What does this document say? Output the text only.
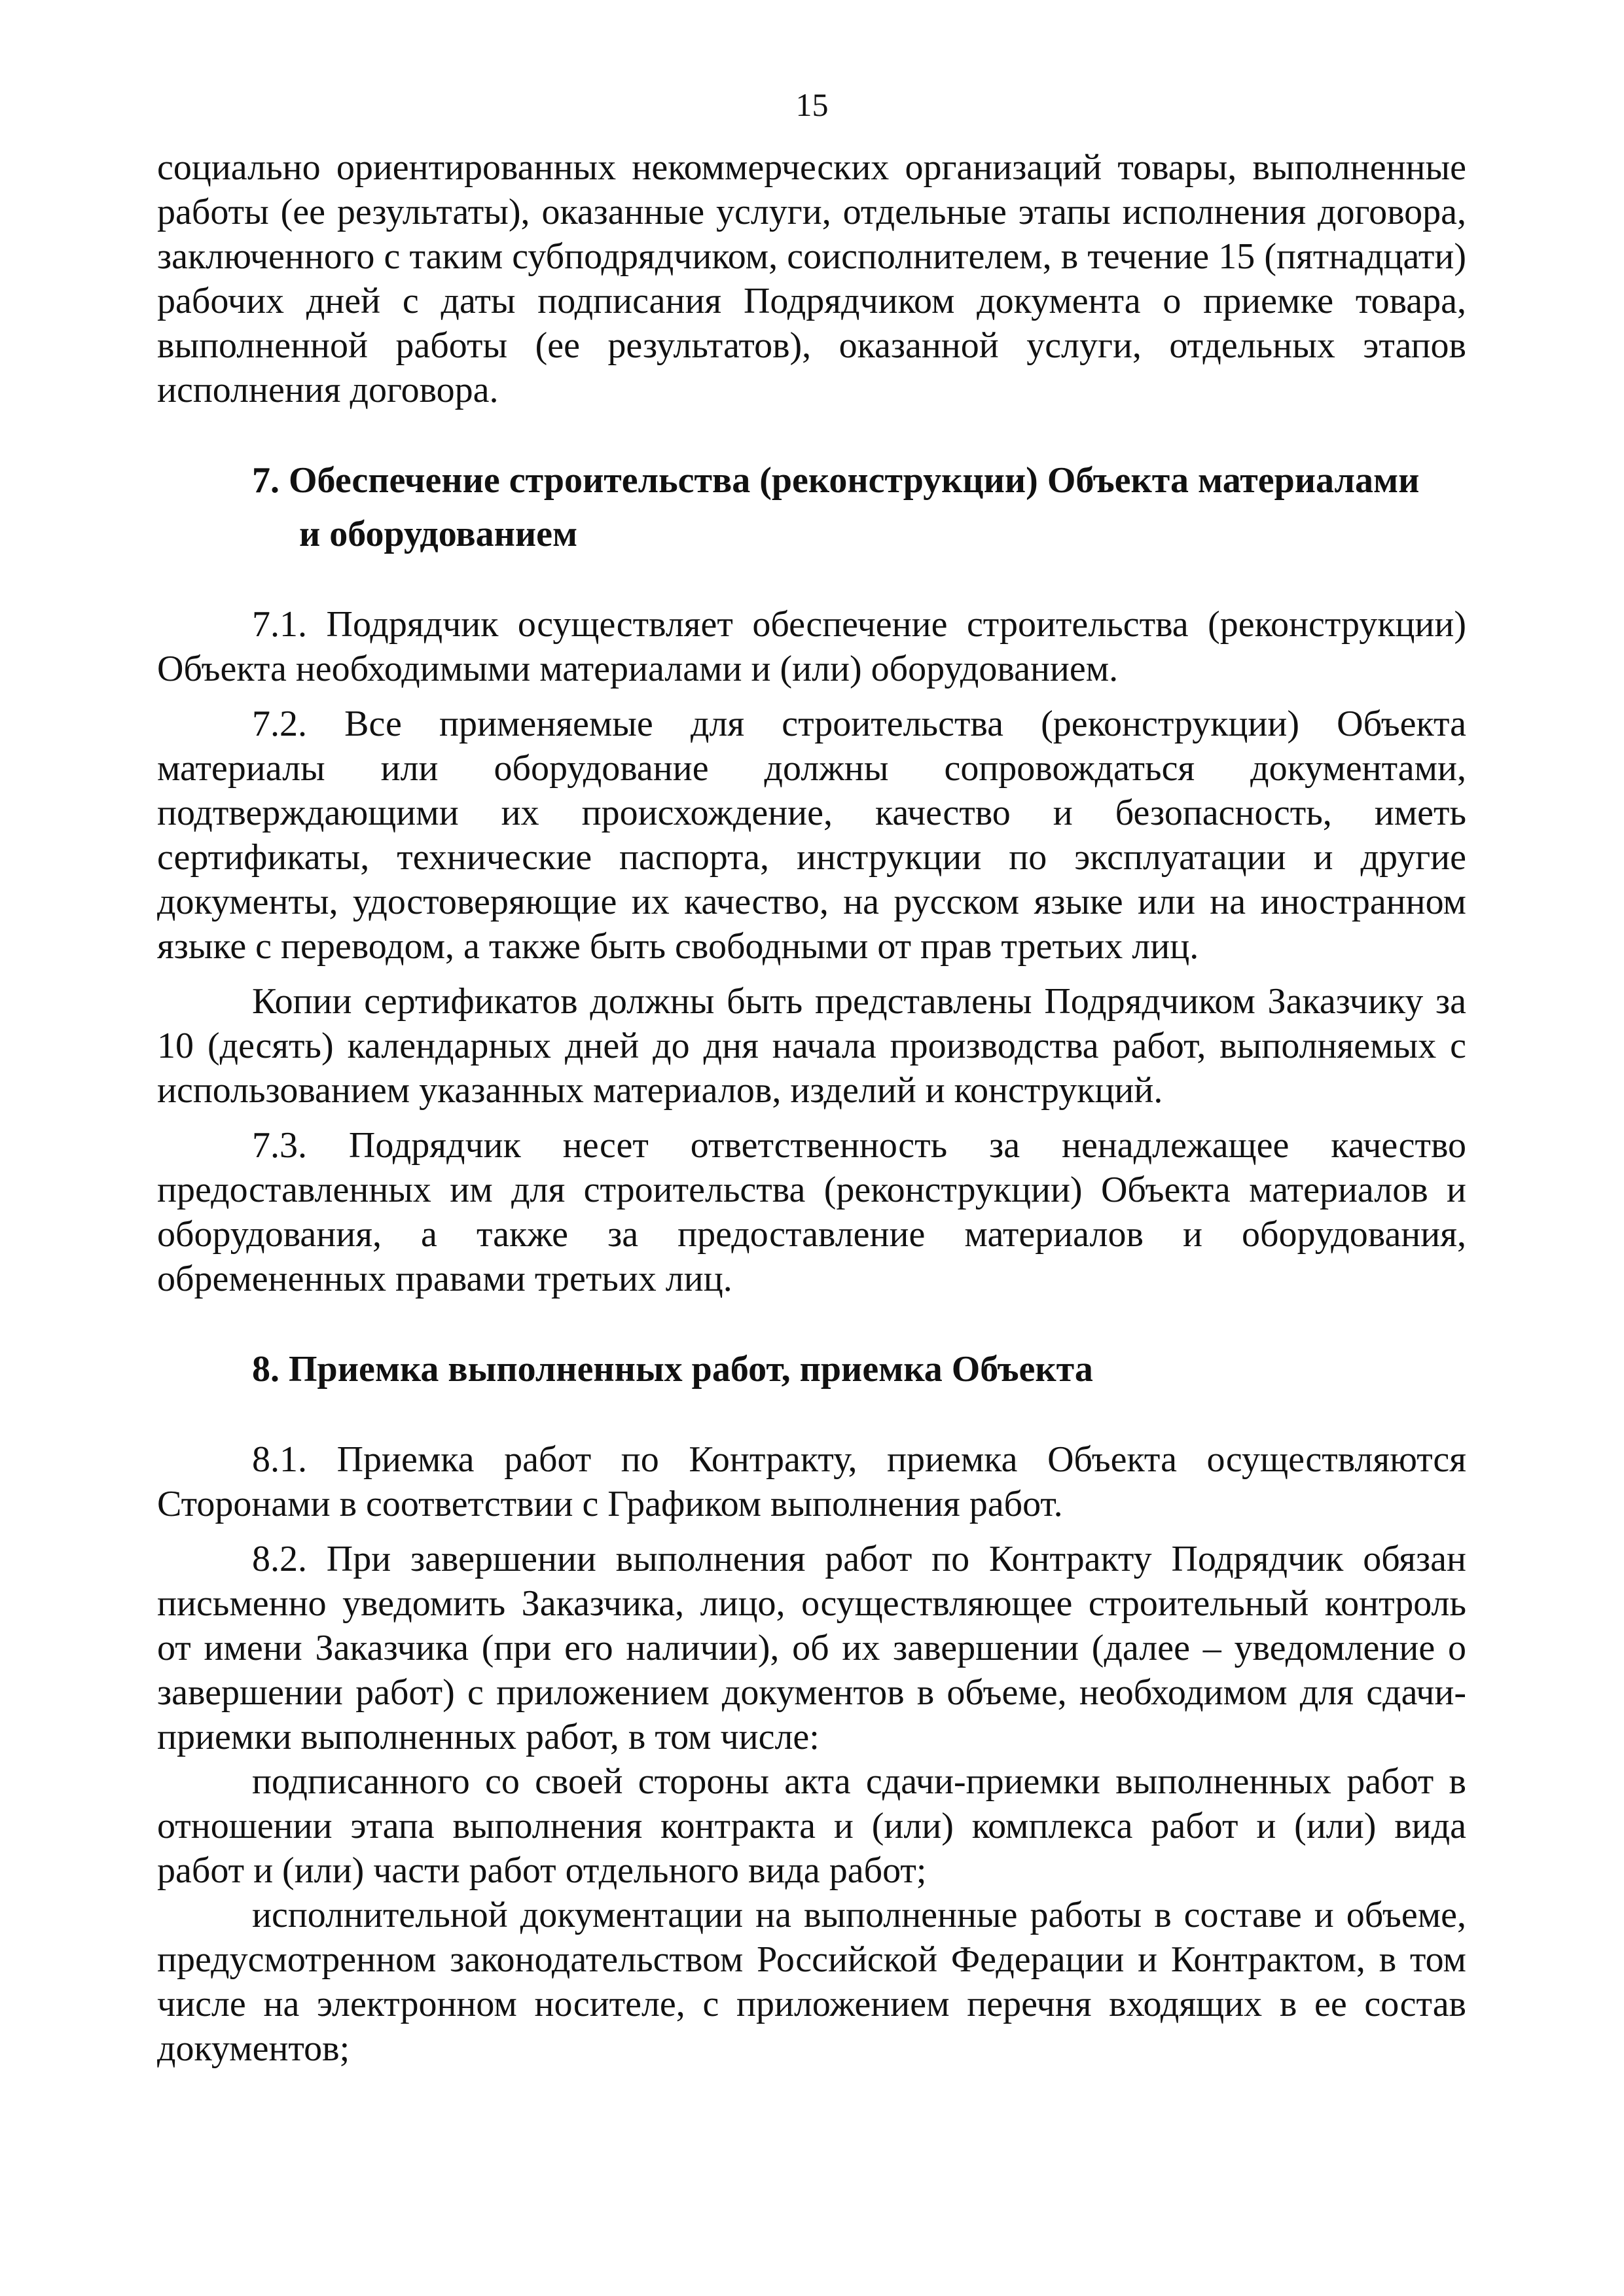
15

социально ориентированных некоммерческих организаций товары, выполненные работы (ее результаты), оказанные услуги, отдельные этапы исполнения договора, заключенного с таким субподрядчиком, соисполнителем, в течение 15 (пятнадцати) рабочих дней с даты подписания Подрядчиком документа о приемке товара, выполненной работы (ее результатов), оказанной услуги, отдельных этапов исполнения договора.

7. Обеспечение строительства (реконструкции) Объекта материалами
и оборудованием

7.1. Подрядчик осуществляет обеспечение строительства (реконструкции) Объекта необходимыми материалами и (или) оборудованием.

7.2. Все применяемые для строительства (реконструкции) Объекта материалы или оборудование должны сопровождаться документами, подтверждающими их происхождение, качество и безопасность, иметь сертификаты, технические паспорта, инструкции по эксплуатации и другие документы, удостоверяющие их качество, на русском языке или на иностранном языке с переводом, а также быть свободными от прав третьих лиц.

Копии сертификатов должны быть представлены Подрядчиком Заказчику за 10 (десять) календарных дней до дня начала производства работ, выполняемых с использованием указанных материалов, изделий и конструкций.

7.3. Подрядчик несет ответственность за ненадлежащее качество предоставленных им для строительства (реконструкции) Объекта материалов и оборудования, а также за предоставление материалов и оборудования, обремененных правами третьих лиц.

8. Приемка выполненных работ, приемка Объекта

8.1. Приемка работ по Контракту, приемка Объекта осуществляются Сторонами в соответствии с Графиком выполнения работ.

8.2. При завершении выполнения работ по Контракту Подрядчик обязан письменно уведомить Заказчика, лицо, осуществляющее строительный контроль от имени Заказчика (при его наличии), об их завершении (далее – уведомление о завершении работ) с приложением документов в объеме, необходимом для сдачи-приемки выполненных работ, в том числе:

подписанного со своей стороны акта сдачи-приемки выполненных работ в отношении этапа выполнения контракта и (или) комплекса работ и (или) вида работ и (или) части работ отдельного вида работ;

исполнительной документации на выполненные работы в составе и объеме, предусмотренном законодательством Российской Федерации и Контрактом, в том числе на электронном носителе, с приложением перечня входящих в ее состав документов;
